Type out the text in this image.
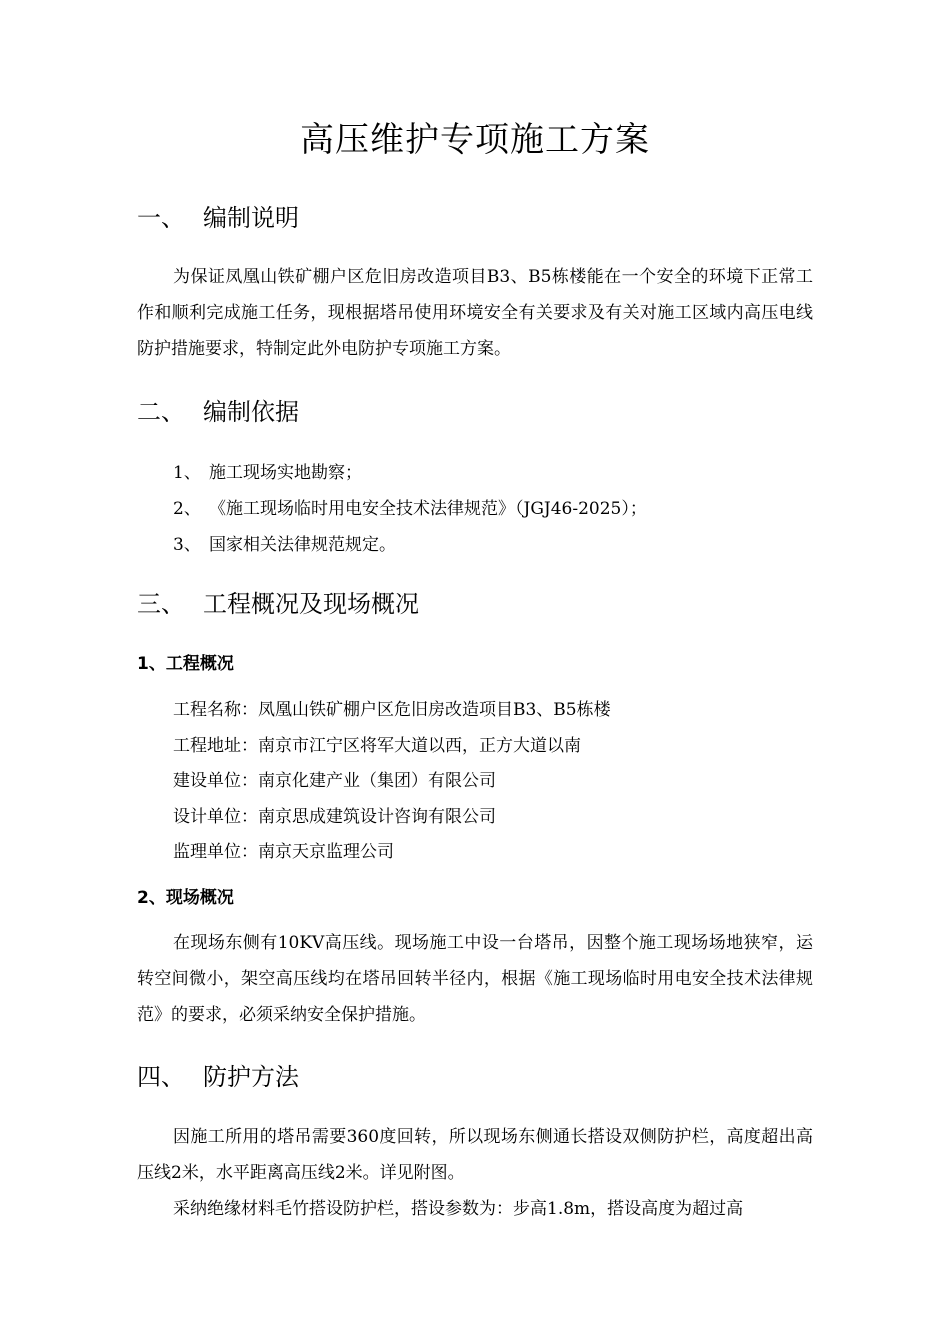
高压维护专项施工方案
一、 编制说明

为保证凤凰山铁矿棚户区危旧房改造项目B3、B5栋楼能在一个安全的环境下正常工作和顺利完成施工任务，现根据塔吊使用环境安全有关要求及有关对施工区域内高压电线防护措施要求，特制定此外电防护专项施工方案。

二、 编制依据
1、 施工现场实地勘察；
2、 《施工现场临时用电安全技术法律规范》（JGJ46-2025）；
3、 国家相关法律规范规定。
三、 工程概况及现场概况
1、工程概况
工程名称：凤凰山铁矿棚户区危旧房改造项目B3、B5栋楼
工程地址：南京市江宁区将军大道以西，正方大道以南
建设单位：南京化建产业（集团）有限公司
设计单位：南京思成建筑设计咨询有限公司
监理单位：南京天京监理公司
2、现场概况

在现场东侧有10KV高压线。现场施工中设一台塔吊，因整个施工现场场地狭窄，运转空间微小，架空高压线均在塔吊回转半径内，根据《施工现场临时用电安全技术法律规范》的要求，必须采纳安全保护措施。

四、 防护方法

因施工所用的塔吊需要360度回转，所以现场东侧通长搭设双侧防护栏，高度超出高压线2米，水平距离高压线2米。详见附图。

采纳绝缘材料毛竹搭设防护栏，搭设参数为：步高1.8m，搭设高度为超过高
